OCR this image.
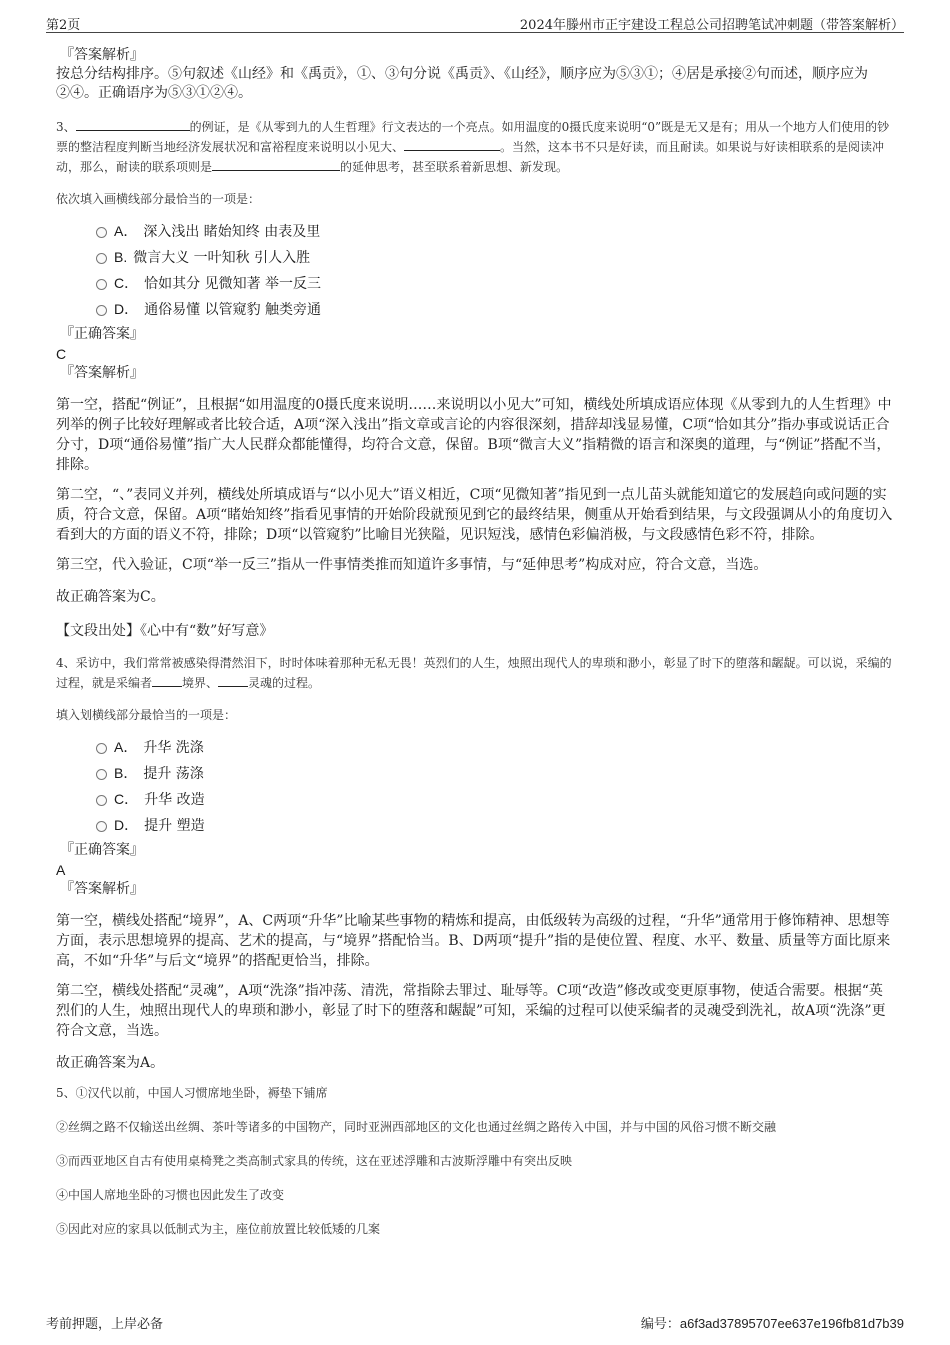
第2页	2024年滕州市正宇建设工程总公司招聘笔试冲刺题（带答案解析）
『答案解析』
按总分结构排序。⑤句叙述《山经》和《禹贡》，①、③句分说《禹贡》、《山经》，顺序应为⑤③①；④居是承接②句而述，顺序应为②④。正确语序为⑤③①②④。
3、	的例证，是《从零到九的人生哲理》行文表达的一个亮点。如用温度的0摄氏度来说明“0”既是无又是有；用从一个地方人们使用的钞票的整洁程度判断当地经济发展状况和富裕程度来说明以小见大、	。当然，这本书不只是好读，而且耐读。如果说与好读相联系的是阅读冲动，那么，耐读的联系项则是	的延伸思考，甚至联系着新思想、新发现。
依次填入画横线部分最恰当的一项是：
A． 深入浅出 睹始知终 由表及里
B. 微言大义 一叶知秋 引人入胜
C． 恰如其分 见微知著 举一反三
D． 通俗易懂 以管窥豹 触类旁通
『正确答案』
C
『答案解析』
第一空，搭配“例证”，且根据“如用温度的0摄氏度来说明……来说明以小见大”可知，横线处所填成语应体现《从零到九的人生哲理》中列举的例子比较好理解或者比较合适，A项“深入浅出”指文章或言论的内容很深刻，措辞却浅显易懂，C项“恰如其分”指办事或说话正合分寸，D项“通俗易懂”指广大人民群众都能懂得，均符合文意，保留。B项“微言大义”指精微的语言和深奥的道理，与“例证”搭配不当，排除。
第二空，“、”表同义并列，横线处所填成语与“以小见大”语义相近，C项“见微知著”指见到一点儿苗头就能知道它的发展趋向或问题的实质，符合文意，保留。A项“睹始知终”指看见事情的开始阶段就预见到它的最终结果，侧重从开始看到结果，与文段强调从小的角度切入看到大的方面的语义不符，排除；D项“以管窥豹”比喻目光狭隘，见识短浅，感情色彩偏消极，与文段感情色彩不符，排除。
第三空，代入验证，C项“举一反三”指从一件事情类推而知道许多事情，与“延伸思考”构成对应，符合文意，当选。
故正确答案为C。
【文段出处】《心中有“数”好写意》
4、采访中，我们常常被感染得潸然泪下，时时体味着那种无私无畏！英烈们的人生，烛照出现代人的卑琐和渺小，彰显了时下的堕落和龌龊。可以说，采编的过程，就是采编者	境界、	灵魂的过程。
填入划横线部分最恰当的一项是：
A． 升华 洗涤
B． 提升 荡涤
C． 升华 改造
D． 提升 塑造
『正确答案』
A
『答案解析』
第一空，横线处搭配“境界”，A、C两项“升华”比喻某些事物的精炼和提高，由低级转为高级的过程，“升华”通常用于修饰精神、思想等方面，表示思想境界的提高、艺术的提高，与“境界”搭配恰当。B、D两项“提升”指的是使位置、程度、水平、数量、质量等方面比原来高，不如“升华”与后文“境界”的搭配更恰当，排除。
第二空，横线处搭配“灵魂”，A项“洗涤”指冲荡、清洗，常指除去罪过、耻辱等。C项“改造”修改或变更原事物，使适合需要。根据“英烈们的人生，烛照出现代人的卑琐和渺小，彰显了时下的堕落和龌龊”可知，采编的过程可以使采编者的灵魂受到洗礼，故A项“洗涤”更符合文意，当选。
故正确答案为A。
5、①汉代以前，中国人习惯席地坐卧，褥垫下铺席
②丝绸之路不仅输送出丝绸、茶叶等诸多的中国物产，同时亚洲西部地区的文化也通过丝绸之路传入中国，并与中国的风俗习惯不断交融
③而西亚地区自古有使用桌椅凳之类高制式家具的传统，这在亚述浮雕和古波斯浮雕中有突出反映
④中国人席地坐卧的习惯也因此发生了改变
⑤因此对应的家具以低制式为主，座位前放置比较低矮的几案
考前押题，上岸必备	编号：a6f3ad37895707ee637e196fb81d7b39
